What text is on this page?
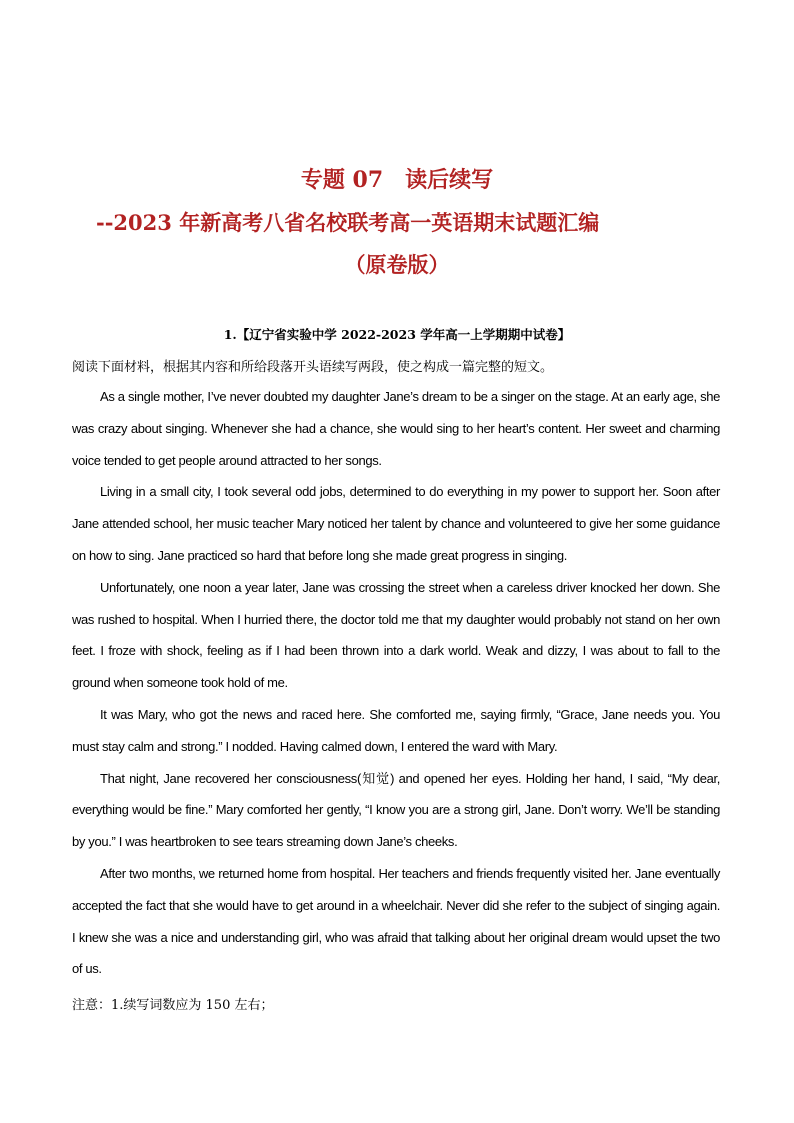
专题 07　读后续写
--2023 年新高考八省名校联考高一英语期末试题汇编
（原卷版）
1.【辽宁省实验中学 2022-2023 学年高一上学期期中试卷】
阅读下面材料，根据其内容和所给段落开头语续写两段，使之构成一篇完整的短文。

As a single mother, I’ve never doubted my daughter Jane’s dream to be a singer on the stage. At an early age, she was crazy about singing. Whenever she had a chance, she would sing to her heart’s content. Her sweet and charming voice tended to get people around attracted to her songs.

Living in a small city, I took several odd jobs, determined to do everything in my power to support her. Soon after Jane attended school, her music teacher Mary noticed her talent by chance and volunteered to give her some guidance on how to sing. Jane practiced so hard that before long she made great progress in singing.

Unfortunately, one noon a year later, Jane was crossing the street when a careless driver knocked her down. She was rushed to hospital. When I hurried there, the doctor told me that my daughter would probably not stand on her own feet. I froze with shock, feeling as if I had been thrown into a dark world. Weak and dizzy, I was about to fall to the ground when someone took hold of me.

It was Mary, who got the news and raced here. She comforted me, saying firmly, “Grace, Jane needs you. You must stay calm and strong.” I nodded. Having calmed down, I entered the ward with Mary.

That night, Jane recovered her consciousness(知觉) and opened her eyes. Holding her hand, I said, “My dear, everything would be fine.” Mary comforted her gently, “I know you are a strong girl, Jane. Don’t worry. We’ll be standing by you.” I was heartbroken to see tears streaming down Jane’s cheeks.

After two months, we returned home from hospital. Her teachers and friends frequently visited her. Jane eventually accepted the fact that she would have to get around in a wheelchair. Never did she refer to the subject of singing again. I knew she was a nice and understanding girl, who was afraid that talking about her original dream would upset the two of us.

注意：1.续写词数应为 150 左右；
